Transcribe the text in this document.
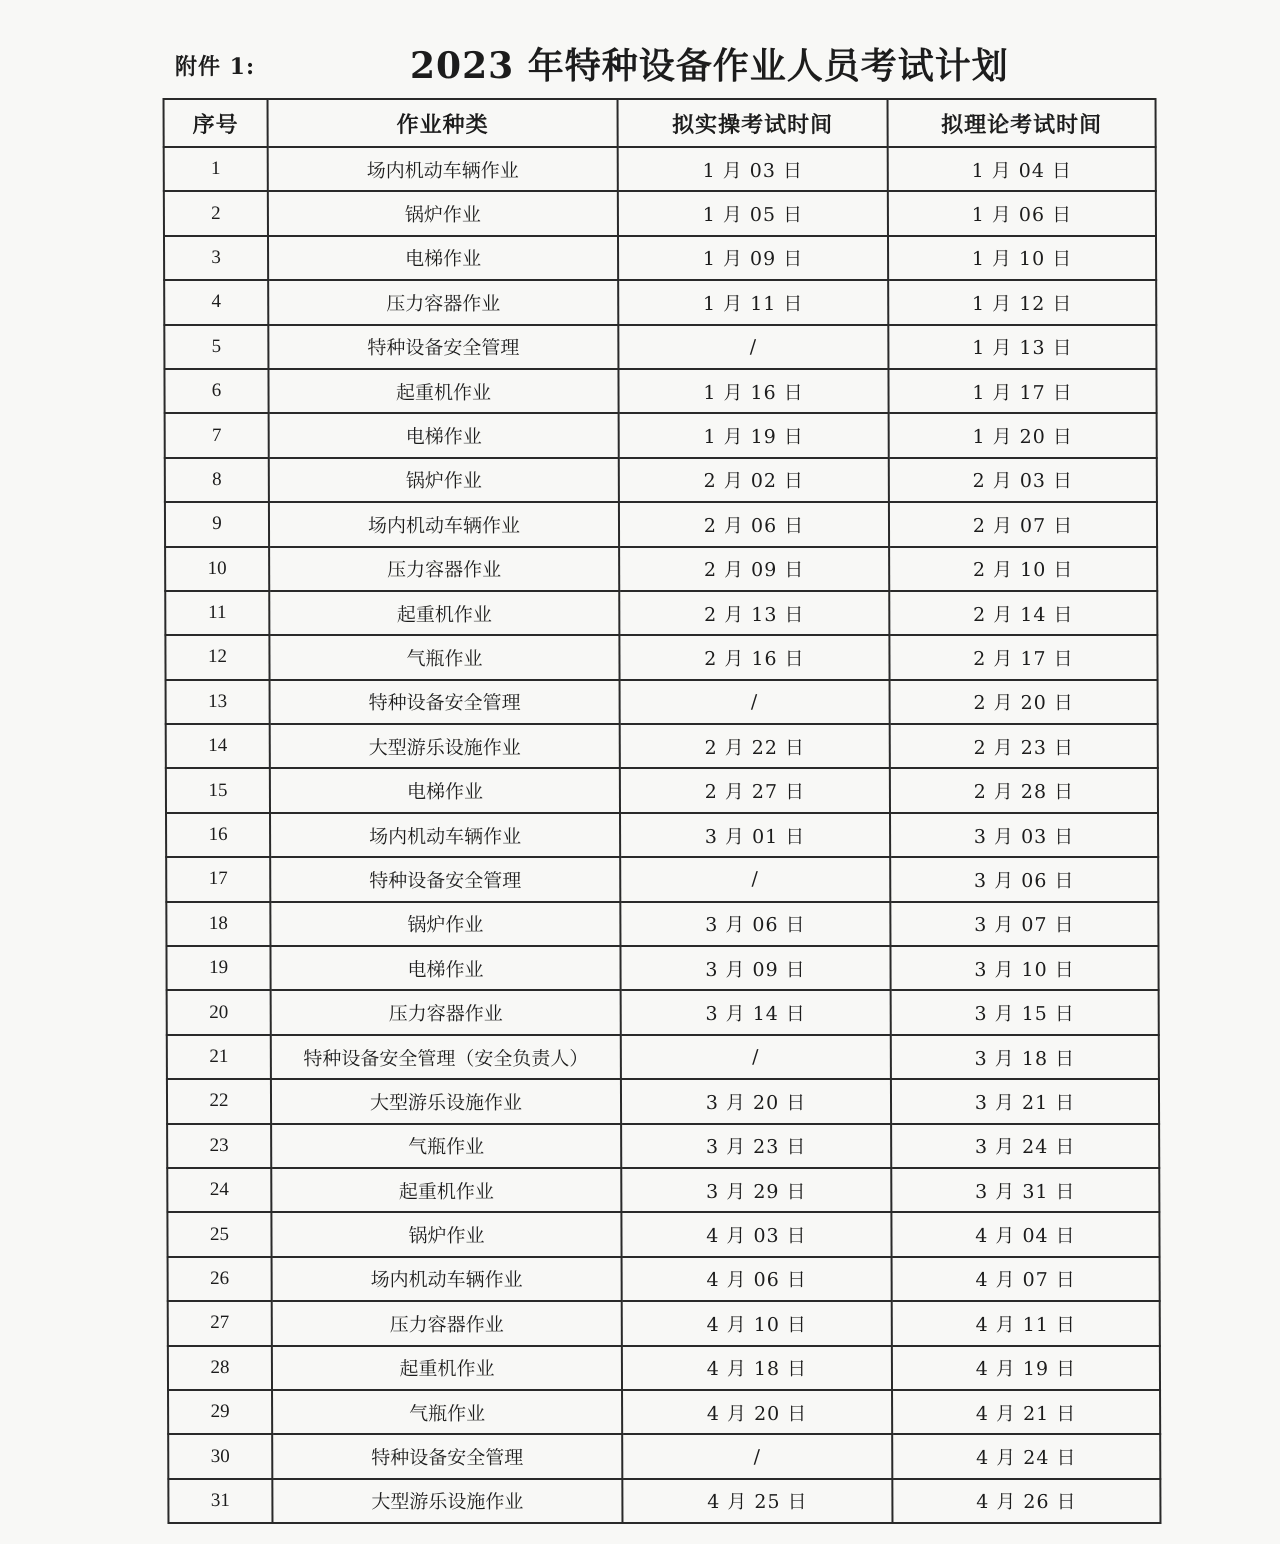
附件 1:	2023 年特种设备作业人员考试计划
序号	作业种类	拟实操考试时间	拟理论考试时间
1	场内机动车辆作业	1 月 03 日	1 月 04 日
2	锅炉作业	1 月 05 日	1 月 06 日
3	电梯作业	1 月 09 日	1 月 10 日
4	压力容器作业	1 月 11 日	1 月 12 日
5	特种设备安全管理	/	1 月 13 日
6	起重机作业	1 月 16 日	1 月 17 日
7	电梯作业	1 月 19 日	1 月 20 日
8	锅炉作业	2 月 02 日	2 月 03 日
9	场内机动车辆作业	2 月 06 日	2 月 07 日
10	压力容器作业	2 月 09 日	2 月 10 日
11	起重机作业	2 月 13 日	2 月 14 日
12	气瓶作业	2 月 16 日	2 月 17 日
13	特种设备安全管理	/	2 月 20 日
14	大型游乐设施作业	2 月 22 日	2 月 23 日
15	电梯作业	2 月 27 日	2 月 28 日
16	场内机动车辆作业	3 月 01 日	3 月 03 日
17	特种设备安全管理	/	3 月 06 日
18	锅炉作业	3 月 06 日	3 月 07 日
19	电梯作业	3 月 09 日	3 月 10 日
20	压力容器作业	3 月 14 日	3 月 15 日
21	特种设备安全管理（安全负责人）	/	3 月 18 日
22	大型游乐设施作业	3 月 20 日	3 月 21 日
23	气瓶作业	3 月 23 日	3 月 24 日
24	起重机作业	3 月 29 日	3 月 31 日
25	锅炉作业	4 月 03 日	4 月 04 日
26	场内机动车辆作业	4 月 06 日	4 月 07 日
27	压力容器作业	4 月 10 日	4 月 11 日
28	起重机作业	4 月 18 日	4 月 19 日
29	气瓶作业	4 月 20 日	4 月 21 日
30	特种设备安全管理	/	4 月 24 日
31	大型游乐设施作业	4 月 25 日	4 月 26 日
